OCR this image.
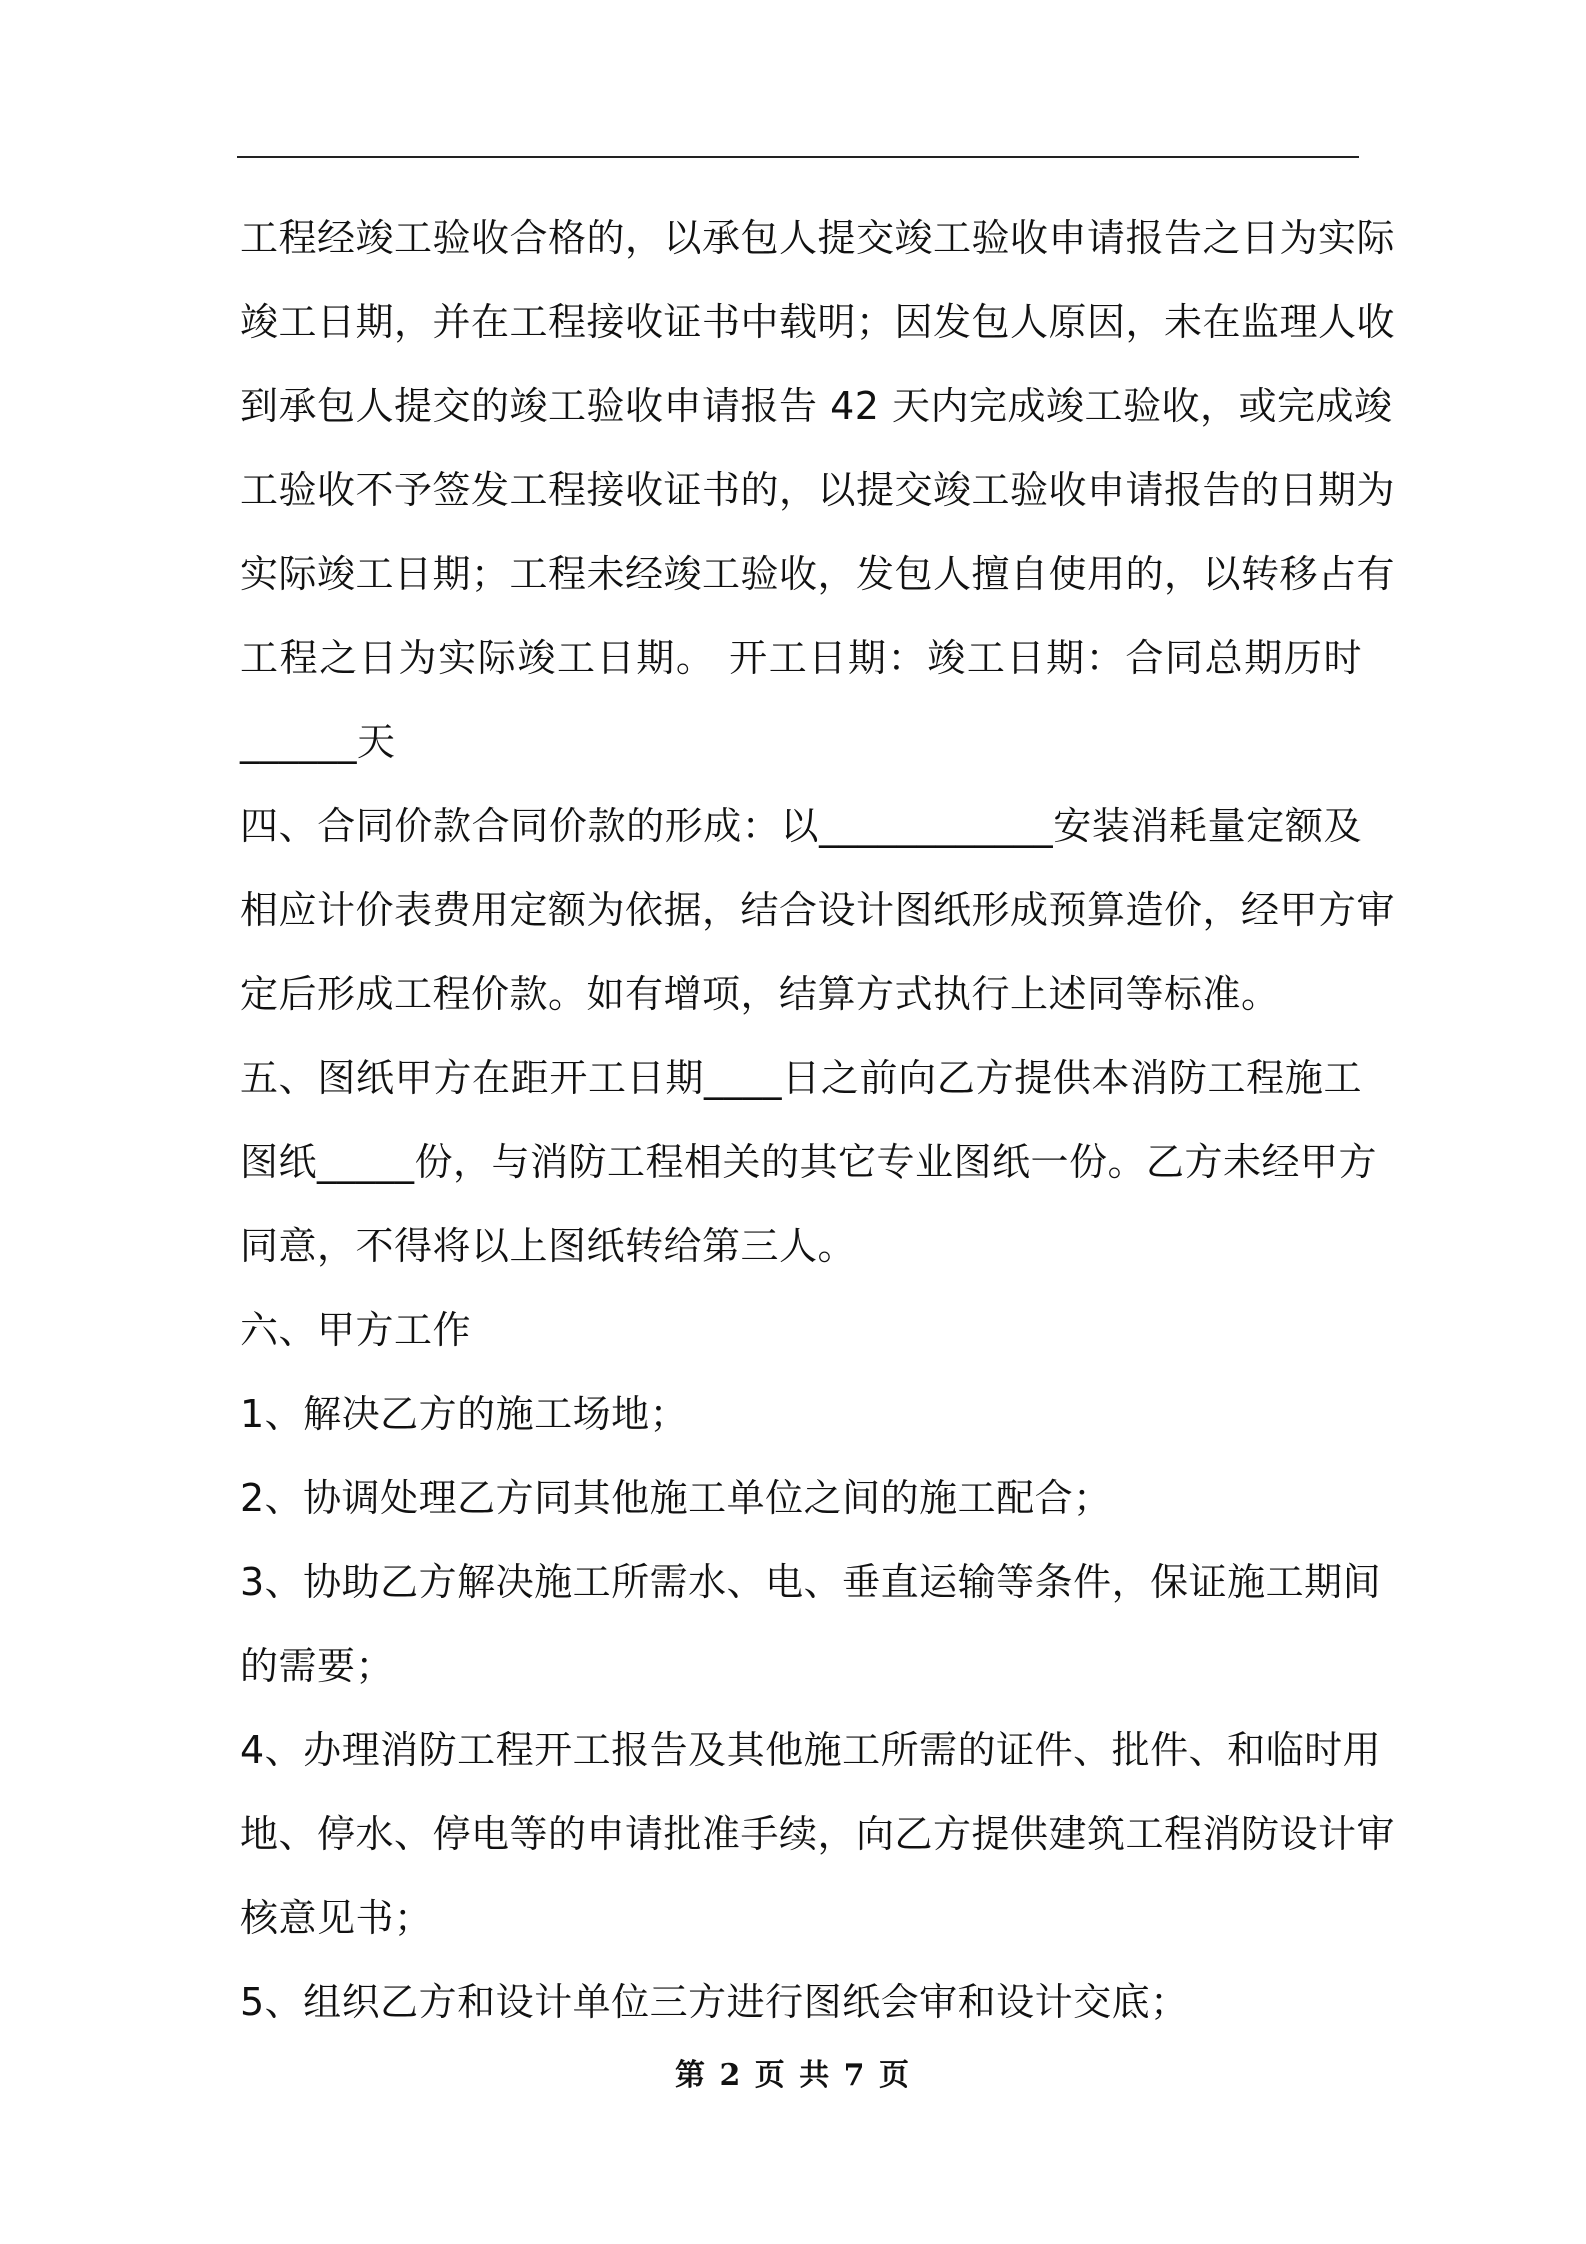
工程经竣工验收合格的，以承包人提交竣工验收申请报告之日为实际
竣工日期，并在工程接收证书中载明；因发包人原因，未在监理人收
到承包人提交的竣工验收申请报告 42 天内完成竣工验收，或完成竣
工验收不予签发工程接收证书的，以提交竣工验收申请报告的日期为
实际竣工日期；工程未经竣工验收，发包人擅自使用的，以转移占有
工程之日为实际竣工日期。 开工日期：竣工日期：合同总期历时
______天
四、合同价款合同价款的形成：以____________安装消耗量定额及
相应计价表费用定额为依据，结合设计图纸形成预算造价，经甲方审
定后形成工程价款。如有增项，结算方式执行上述同等标准。
五、图纸甲方在距开工日期____日之前向乙方提供本消防工程施工
图纸_____份，与消防工程相关的其它专业图纸一份。乙方未经甲方
同意，不得将以上图纸转给第三人。
六、甲方工作
1、解决乙方的施工场地；
2、协调处理乙方同其他施工单位之间的施工配合；
3、协助乙方解决施工所需水、电、垂直运输等条件，保证施工期间
的需要；
4、办理消防工程开工报告及其他施工所需的证件、批件、和临时用
地、停水、停电等的申请批准手续，向乙方提供建筑工程消防设计审
核意见书；
5、组织乙方和设计单位三方进行图纸会审和设计交底；
第 2 页 共 7 页
